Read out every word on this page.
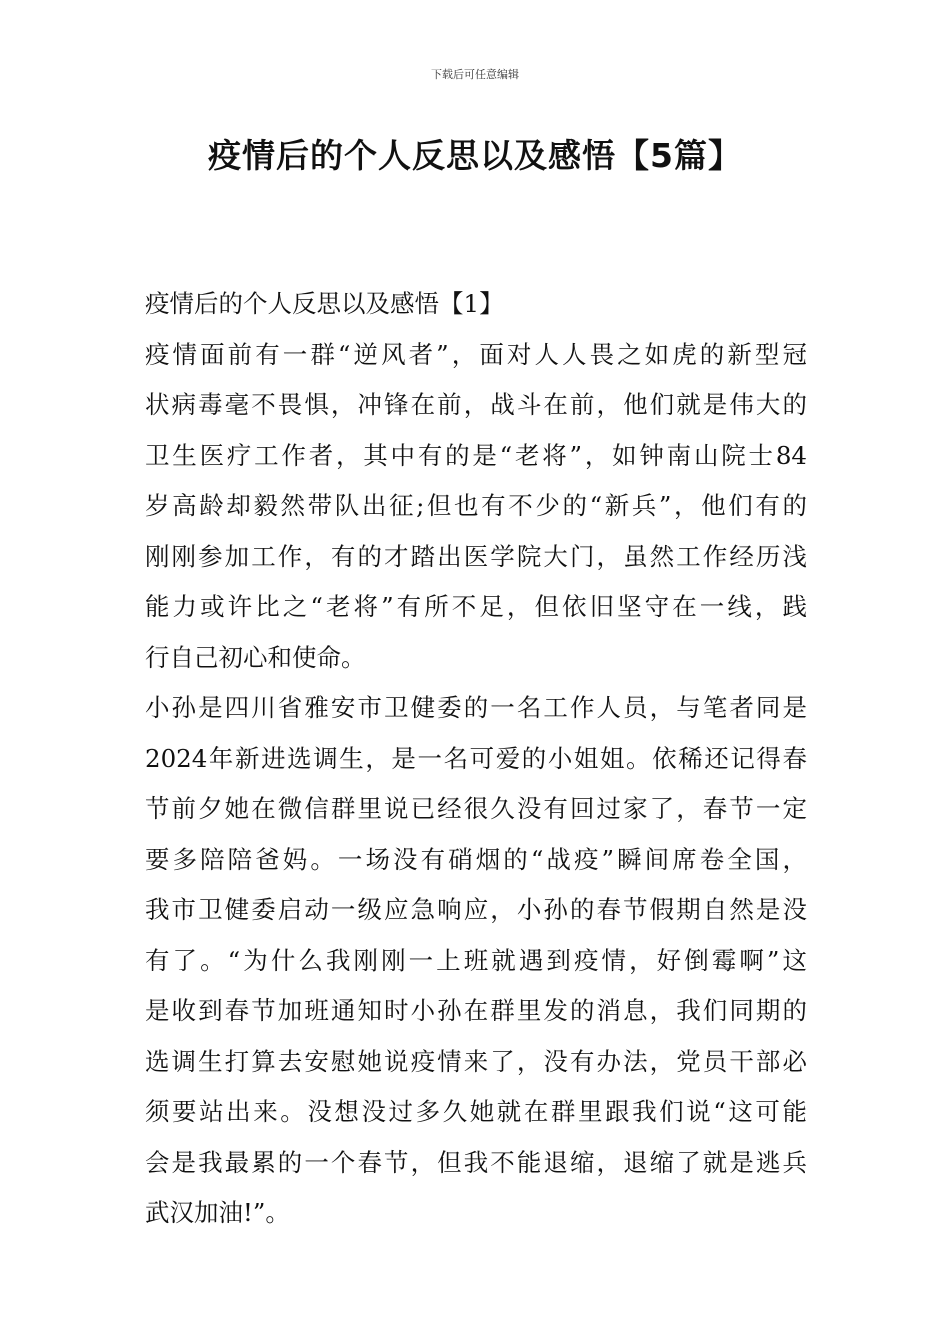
下载后可任意编辑
疫情后的个人反思以及感悟【5篇】
疫情后的个人反思以及感悟【1】
疫情面前有一群“逆风者”，面对人人畏之如虎的新型冠
状病毒毫不畏惧，冲锋在前，战斗在前，他们就是伟大的
卫生医疗工作者，其中有的是“老将”，如钟南山院士84
岁高龄却毅然带队出征;但也有不少的“新兵”，他们有的
刚刚参加工作，有的才踏出医学院大门，虽然工作经历浅
能力或许比之“老将”有所不足，但依旧坚守在一线，践
行自己初心和使命。
小孙是四川省雅安市卫健委的一名工作人员，与笔者同是
2024年新进选调生，是一名可爱的小姐姐。依稀还记得春
节前夕她在微信群里说已经很久没有回过家了，春节一定
要多陪陪爸妈。一场没有硝烟的“战疫”瞬间席卷全国，
我市卫健委启动一级应急响应，小孙的春节假期自然是没
有了。“为什么我刚刚一上班就遇到疫情，好倒霉啊”这
是收到春节加班通知时小孙在群里发的消息，我们同期的
选调生打算去安慰她说疫情来了，没有办法，党员干部必
须要站出来。没想没过多久她就在群里跟我们说“这可能
会是我最累的一个春节，但我不能退缩，退缩了就是逃兵
武汉加油!”。
